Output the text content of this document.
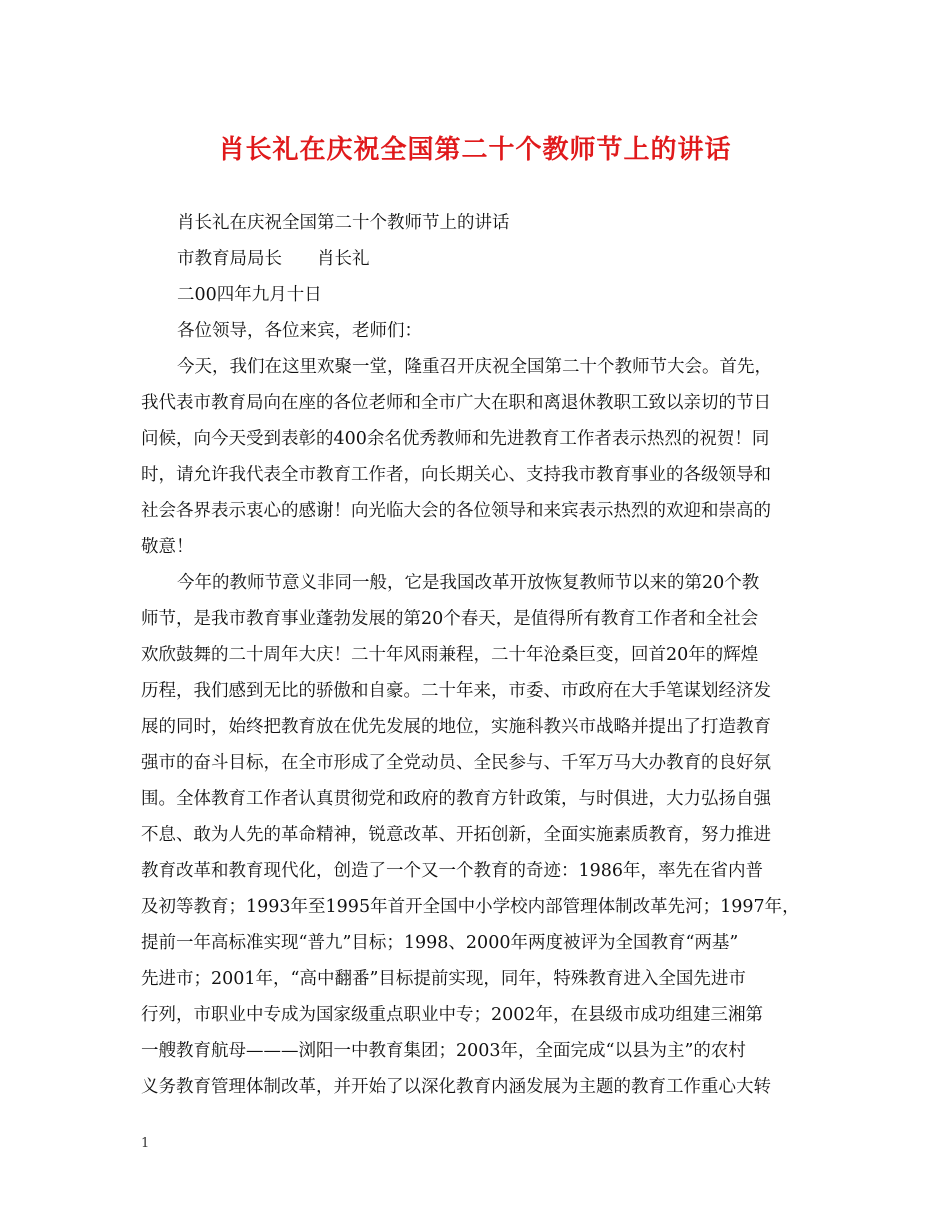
肖长礼在庆祝全国第二十个教师节上的讲话
肖长礼在庆祝全国第二十个教师节上的讲话
市教育局局长　　肖长礼
二00四年九月十日
各位领导，各位来宾，老师们：
今天，我们在这里欢聚一堂，隆重召开庆祝全国第二十个教师节大会。首先，
我代表市教育局向在座的各位老师和全市广大在职和离退休教职工致以亲切的节日
问候，向今天受到表彰的400余名优秀教师和先进教育工作者表示热烈的祝贺！同
时，请允许我代表全市教育工作者，向长期关心、支持我市教育事业的各级领导和
社会各界表示衷心的感谢！向光临大会的各位领导和来宾表示热烈的欢迎和崇高的
敬意！
今年的教师节意义非同一般，它是我国改革开放恢复教师节以来的第20个教
师节，是我市教育事业蓬勃发展的第20个春天，是值得所有教育工作者和全社会
欢欣鼓舞的二十周年大庆！二十年风雨兼程，二十年沧桑巨变，回首20年的辉煌
历程，我们感到无比的骄傲和自豪。二十年来，市委、市政府在大手笔谋划经济发
展的同时，始终把教育放在优先发展的地位，实施科教兴市战略并提出了打造教育
强市的奋斗目标，在全市形成了全党动员、全民参与、千军万马大办教育的良好氛
围。全体教育工作者认真贯彻党和政府的教育方针政策，与时俱进，大力弘扬自强
不息、敢为人先的革命精神，锐意改革、开拓创新，全面实施素质教育，努力推进
教育改革和教育现代化，创造了一个又一个教育的奇迹：1986年，率先在省内普
及初等教育；1993年至1995年首开全国中小学校内部管理体制改革先河；1997年，
提前一年高标准实现“普九”目标；1998、2000年两度被评为全国教育“两基”
先进市；2001年，“高中翻番”目标提前实现，同年，特殊教育进入全国先进市
行列，市职业中专成为国家级重点职业中专；2002年，在县级市成功组建三湘第
一艘教育航母———浏阳一中教育集团；2003年，全面完成“以县为主”的农村
义务教育管理体制改革，并开始了以深化教育内涵发展为主题的教育工作重心大转
1
